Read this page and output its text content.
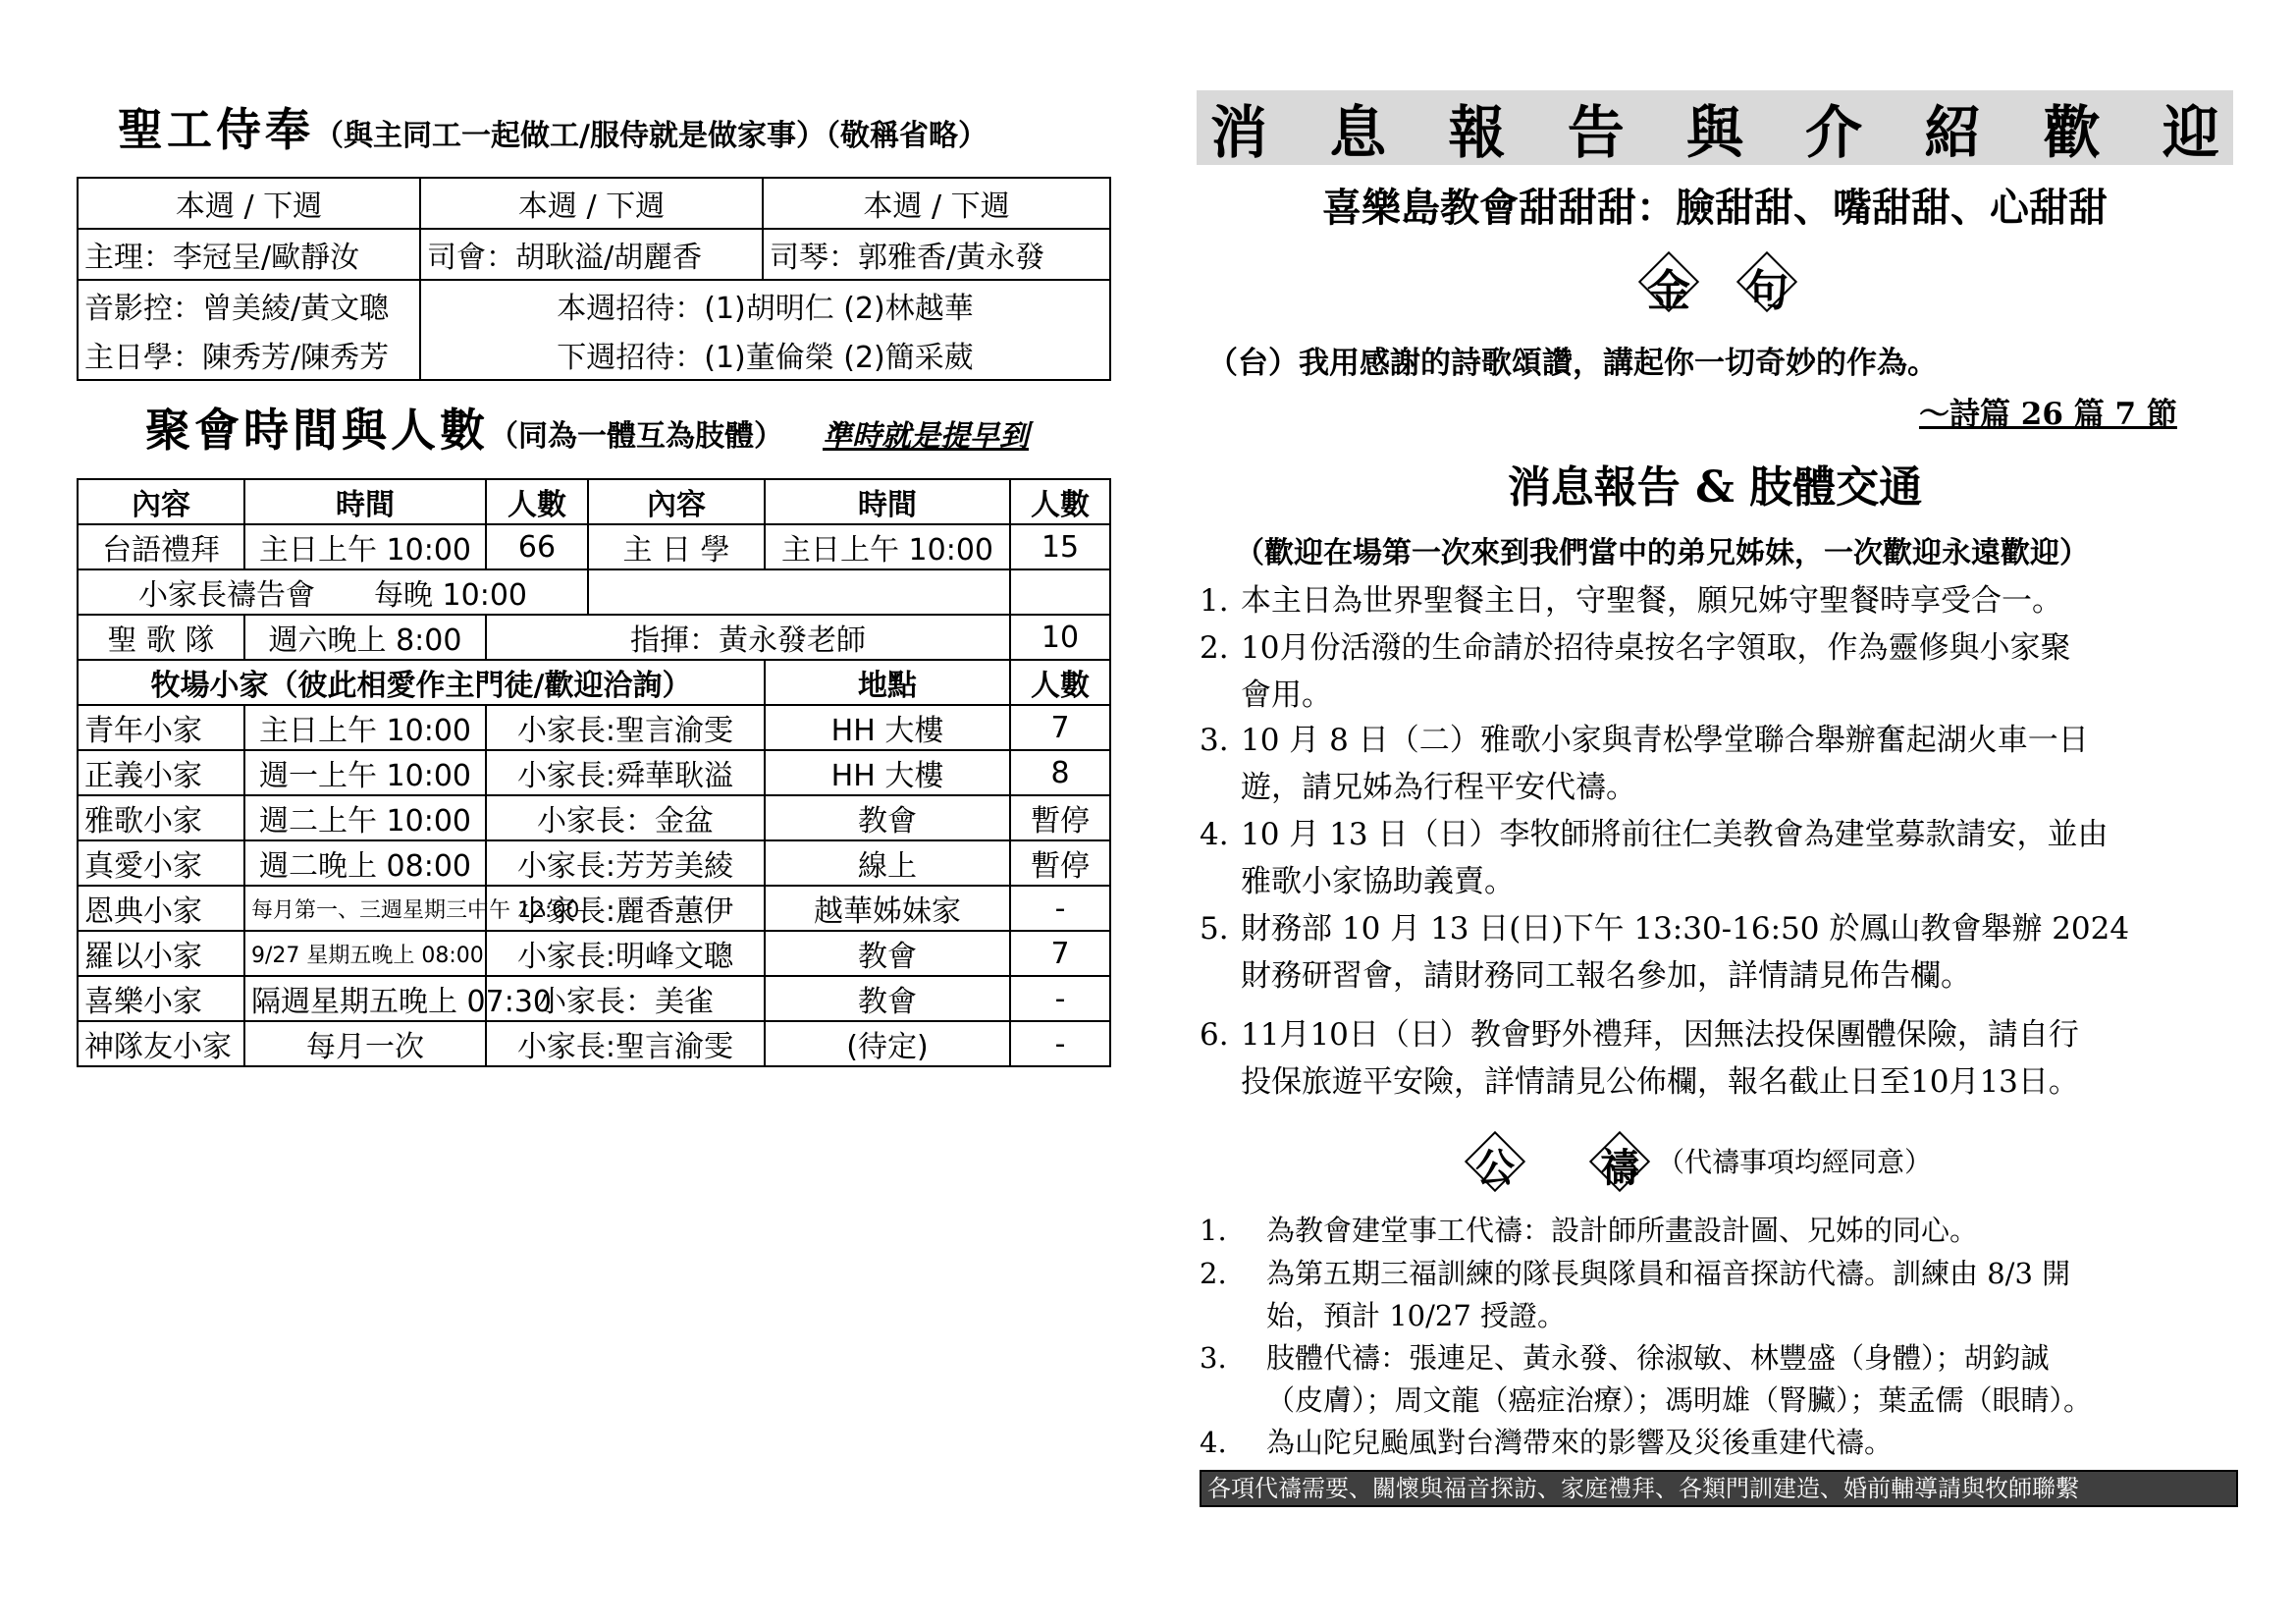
聖工侍奉（與主同工一起做工/服侍就是做家事）（敬稱省略）
本週 / 下週	本週 / 下週	本週 / 下週
主理：李冠呈/歐靜汝	司會：胡耿溢/胡麗香	司琴：郭雅香/黃永發
音影控：曾美綾/黃文聰	本週招待：(1)胡明仁 (2)林越華	
主日學：陳秀芳/陳秀芳	下週招待：(1)董倫榮 (2)簡采葳	
聚會時間與人數（同為一體互為肢體） 準時就是提早到
內容	時間	人數	內容	時間	人數
台語禮拜	主日上午 10:00	66	主 日 學	主日上午 10:00	15
小家長禱告會　　每晚 10:00					
聖 歌 隊	週六晚上 8:00	指揮：黃永發老師			10
牧場小家（彼此相愛作主門徒/歡迎洽詢）				地點	人數
青年小家	主日上午 10:00	小家長:聖言渝雯		HH 大樓	7
正義小家	週一上午 10:00	小家長:舜華耿溢		HH 大樓	8
雅歌小家	週二上午 10:00	小家長：金盆		教會	暫停
真愛小家	週二晚上 08:00	小家長:芳芳美綾		線上	暫停
恩典小家	每月第一、三週星期三中午 12:00	小家長:麗香蕙伊		越華姊妹家	-
羅以小家	9/27 星期五晚上 08:00	小家長:明峰文聰		教會	7
喜樂小家	隔週星期五晚上 07:30	小家長：美雀		教會	-
神隊友小家	每月一次	小家長:聖言渝雯		(待定)	-
消 息 報 告 與 介 紹 歡 迎
喜樂島教會甜甜甜：臉甜甜、嘴甜甜、心甜甜
金 句
（台）我用感謝的詩歌頌讚，講起你一切奇妙的作為。
～詩篇 26 篇 7 節
消息報告 & 肢體交通
（歡迎在場第一次來到我們當中的弟兄姊妹，一次歡迎永遠歡迎）
1. 本主日為世界聖餐主日，守聖餐，願兄姊守聖餐時享受合一。
2. 10月份活潑的生命請於招待桌按名字領取，作為靈修與小家聚
會用。
3. 10 月 8 日（二）雅歌小家與青松學堂聯合舉辦奮起湖火車一日
遊，請兄姊為行程平安代禱。
4. 10 月 13 日（日）李牧師將前往仁美教會為建堂募款請安，並由
雅歌小家協助義賣。
5. 財務部 10 月 13 日(日)下午 13:30-16:50 於鳳山教會舉辦 2024
財務研習會，請財務同工報名參加，詳情請見佈告欄。
6. 11月10日（日）教會野外禮拜，因無法投保團體保險，請自行
投保旅遊平安險，詳情請見公佈欄，報名截止日至10月13日。
公	禱 （代禱事項均經同意）
1. 為教會建堂事工代禱：設計師所畫設計圖、兄姊的同心。
2. 為第五期三福訓練的隊長與隊員和福音探訪代禱。訓練由 8/3 開
始，預計 10/27 授證。
3. 肢體代禱：張連足、黃永發、徐淑敏、林豐盛（身體）；胡鈞誠
（皮膚）；周文龍（癌症治療）；馮明雄（腎臟）；葉孟儒（眼睛）。
4. 為山陀兒颱風對台灣帶來的影響及災後重建代禱。
各項代禱需要、關懷與福音探訪、家庭禮拜、各類門訓建造、婚前輔導請與牧師聯繫
